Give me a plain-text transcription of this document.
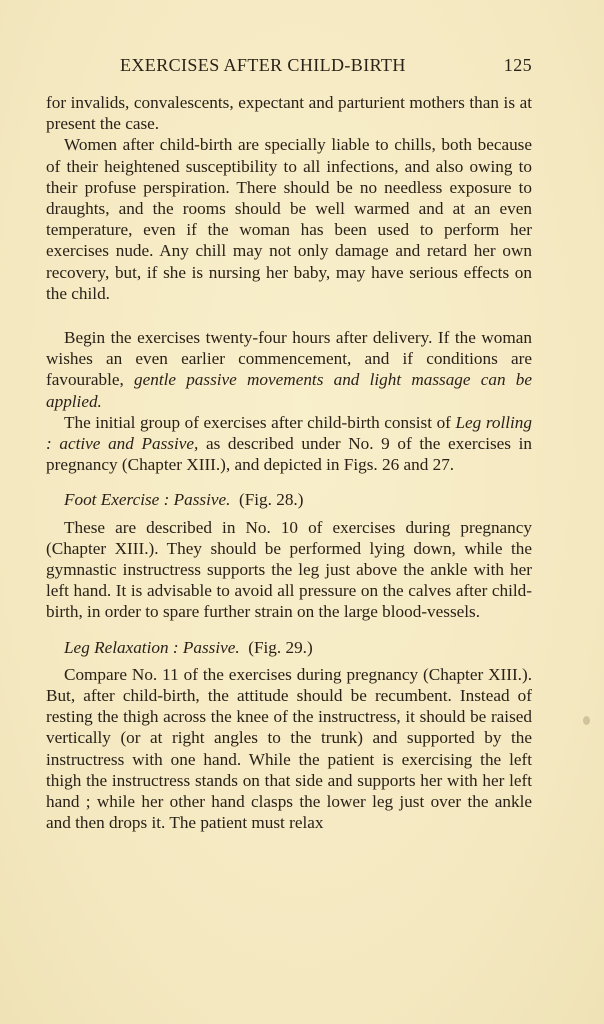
EXERCISES AFTER CHILD-BIRTH	125

for invalids, convalescents, expectant and parturient mothers than is at present the case.

Women after child-birth are specially liable to chills, both because of their heightened susceptibility to all infections, and also owing to their profuse perspiration. There should be no needless exposure to draughts, and the rooms should be well warmed and at an even temperature, even if the woman has been used to perform her exercises nude. Any chill may not only damage and retard her own recovery, but, if she is nursing her baby, may have serious effects on the child.

Begin the exercises twenty-four hours after delivery. If the woman wishes an even earlier commencement, and if conditions are favourable, gentle passive movements and light massage can be applied.

The initial group of exercises after child-birth consist of Leg rolling : active and Passive, as described under No. 9 of the exercises in pregnancy (Chapter XIII.), and depicted in Figs. 26 and 27.

Foot Exercise : Passive. (Fig. 28.)

These are described in No. 10 of exercises during pregnancy (Chapter XIII.). They should be performed lying down, while the gymnastic instructress supports the leg just above the ankle with her left hand. It is advisable to avoid all pressure on the calves after child-birth, in order to spare further strain on the large blood-vessels.

Leg Relaxation : Passive. (Fig. 29.)

Compare No. 11 of the exercises during pregnancy (Chapter XIII.). But, after child-birth, the attitude should be recumbent. Instead of resting the thigh across the knee of the instructress, it should be raised vertically (or at right angles to the trunk) and supported by the instructress with one hand. While the patient is exercising the left thigh the instructress stands on that side and supports her with her left hand ; while her other hand clasps the lower leg just over the ankle and then drops it. The patient must relax
